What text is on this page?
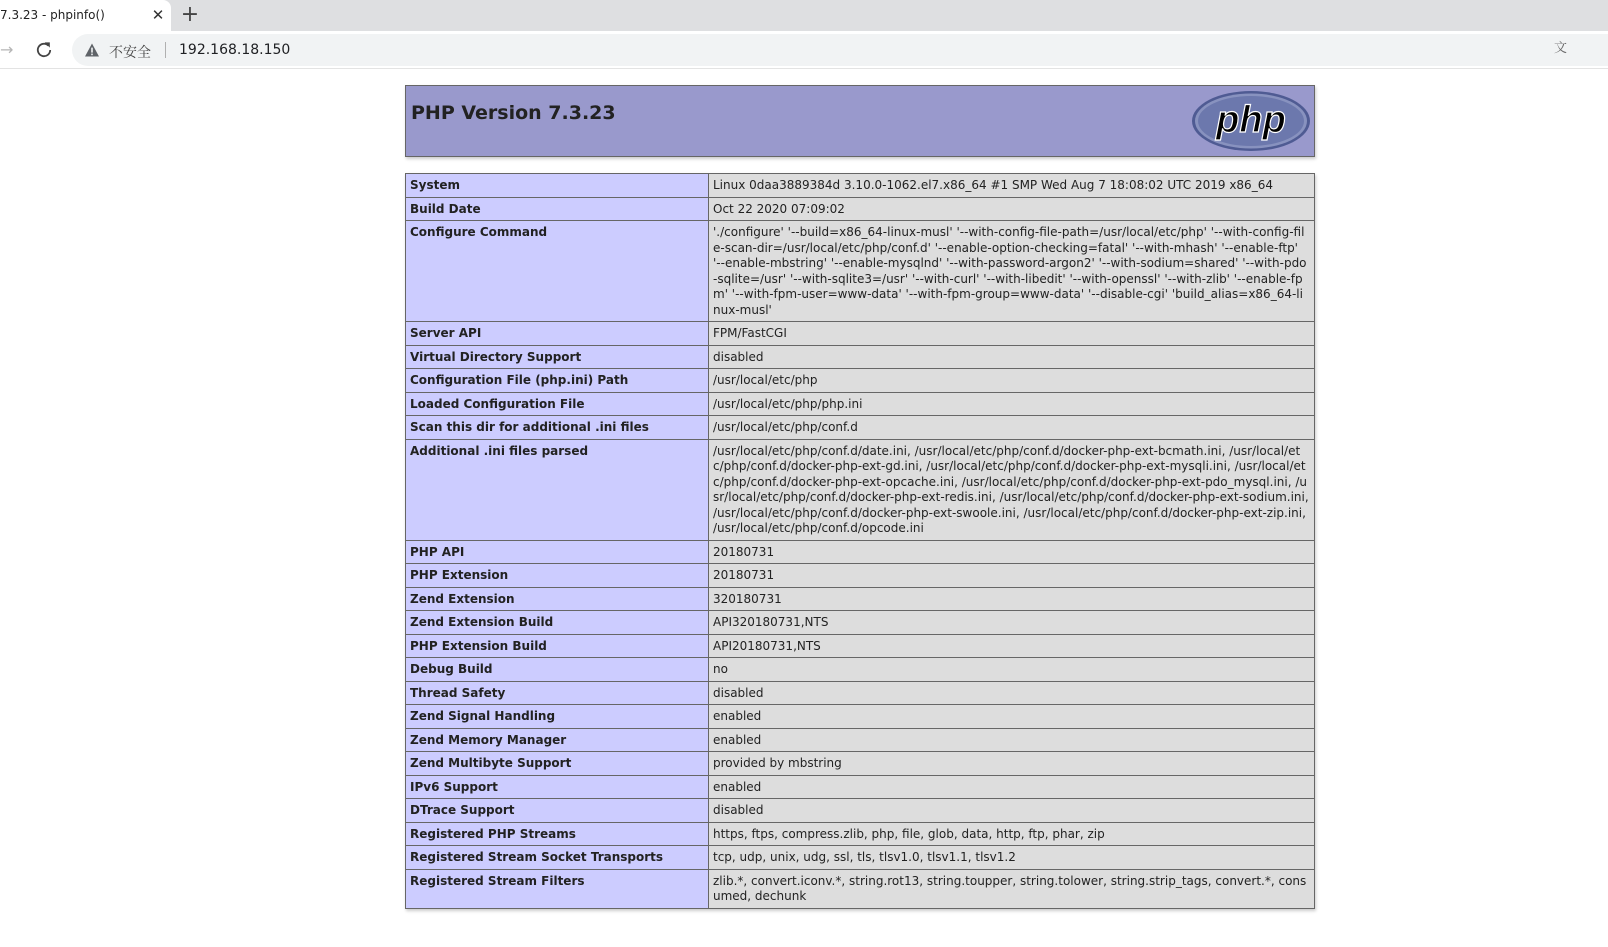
7.3.23 - phpinfo()	✕ +
→	不安全 192.168.18.150	文
PHP Version 7.3.23	php
System	Linux 0daa3889384d 3.10.0-1062.el7.x86_64 #1 SMP Wed Aug 7 18:08:02 UTC 2019 x86_64
Build Date	Oct 22 2020 07:09:02
Configure Command	'./configure' '--build=x86_64-linux-musl' '--with-config-file-path=/usr/local/etc/php' '--with-config-file-scan-dir=/usr/local/etc/php/conf.d' '--enable-option-checking=fatal' '--with-mhash' '--enable-ftp' '--enable-mbstring' '--enable-mysqlnd' '--with-password-argon2' '--with-sodium=shared' '--with-pdo-sqlite=/usr' '--with-sqlite3=/usr' '--with-curl' '--with-libedit' '--with-openssl' '--with-zlib' '--enable-fpm' '--with-fpm-user=www-data' '--with-fpm-group=www-data' '--disable-cgi' 'build_alias=x86_64-linux-musl'
Server API	FPM/FastCGI
Virtual Directory Support	disabled
Configuration File (php.ini) Path	/usr/local/etc/php
Loaded Configuration File	/usr/local/etc/php/php.ini
Scan this dir for additional .ini files	/usr/local/etc/php/conf.d
Additional .ini files parsed	/usr/local/etc/php/conf.d/date.ini, /usr/local/etc/php/conf.d/docker-php-ext-bcmath.ini, /usr/local/etc/php/conf.d/docker-php-ext-gd.ini, /usr/local/etc/php/conf.d/docker-php-ext-mysqli.ini, /usr/local/etc/php/conf.d/docker-php-ext-opcache.ini, /usr/local/etc/php/conf.d/docker-php-ext-pdo_mysql.ini, /usr/local/etc/php/conf.d/docker-php-ext-redis.ini, /usr/local/etc/php/conf.d/docker-php-ext-sodium.ini, /usr/local/etc/php/conf.d/docker-php-ext-swoole.ini, /usr/local/etc/php/conf.d/docker-php-ext-zip.ini, /usr/local/etc/php/conf.d/opcode.ini
PHP API	20180731
PHP Extension	20180731
Zend Extension	320180731
Zend Extension Build	API320180731,NTS
PHP Extension Build	API20180731,NTS
Debug Build	no
Thread Safety	disabled
Zend Signal Handling	enabled
Zend Memory Manager	enabled
Zend Multibyte Support	provided by mbstring
IPv6 Support	enabled
DTrace Support	disabled
Registered PHP Streams	https, ftps, compress.zlib, php, file, glob, data, http, ftp, phar, zip
Registered Stream Socket Transports	tcp, udp, unix, udg, ssl, tls, tlsv1.0, tlsv1.1, tlsv1.2
Registered Stream Filters	zlib.*, convert.iconv.*, string.rot13, string.toupper, string.tolower, string.strip_tags, convert.*, consumed, dechunk
